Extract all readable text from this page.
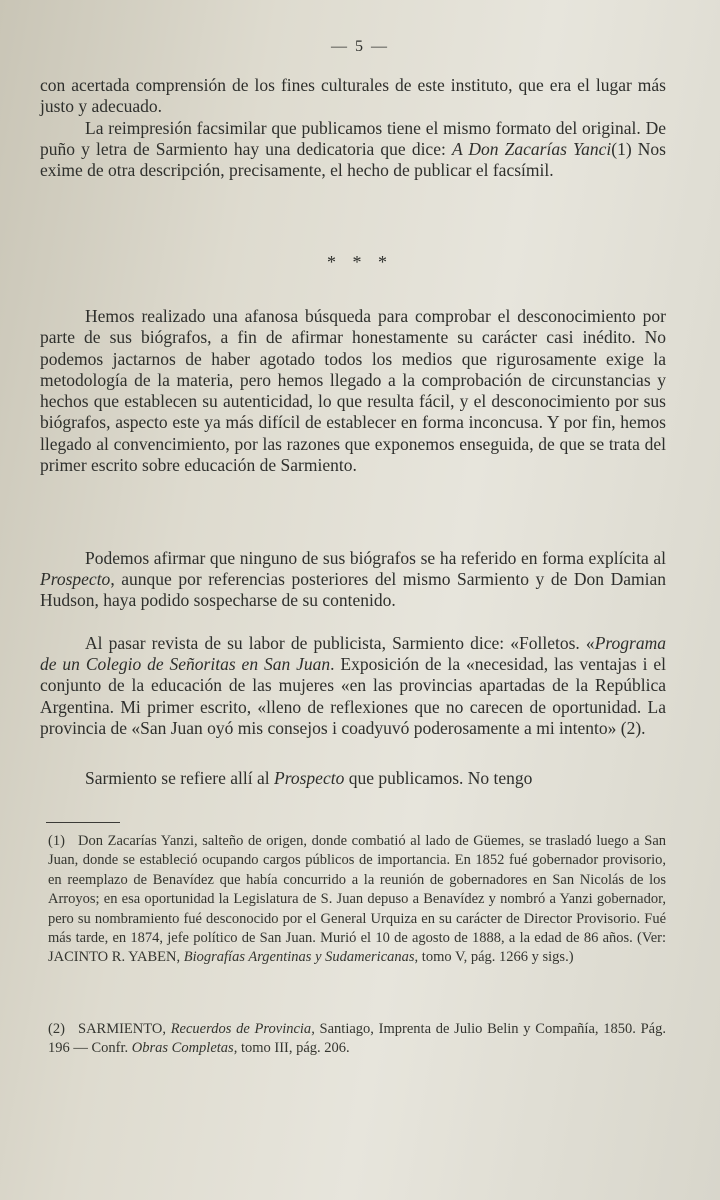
— 5 —

con acertada comprensión de los fines culturales de este instituto, que era el lugar más justo y adecuado.

La reimpresión facsimilar que publicamos tiene el mismo formato del original. De puño y letra de Sarmiento hay una dedicatoria que dice: A Don Zacarías Yanci(1) Nos exime de otra descripción, precisamente, el hecho de publicar el facsímil.

* * *

Hemos realizado una afanosa búsqueda para comprobar el desconocimiento por parte de sus biógrafos, a fin de afirmar honestamente su carácter casi inédito. No podemos jactarnos de haber agotado todos los medios que rigurosamente exige la metodología de la materia, pero hemos llegado a la comprobación de circunstancias y hechos que establecen su autenticidad, lo que resulta fácil, y el desconocimiento por sus biógrafos, aspecto este ya más difícil de establecer en forma inconcusa. Y por fin, hemos llegado al convencimiento, por las razones que exponemos enseguida, de que se trata del primer escrito sobre educación de Sarmiento.

Podemos afirmar que ninguno de sus biógrafos se ha referido en forma explícita al Prospecto, aunque por referencias posteriores del mismo Sarmiento y de Don Damian Hudson, haya podido sospecharse de su contenido.

Al pasar revista de su labor de publicista, Sarmiento dice: «Folletos. «Programa de un Colegio de Señoritas en San Juan. Exposición de la «necesidad, las ventajas i el conjunto de la educación de las mujeres «en las provincias apartadas de la República Argentina. Mi primer escrito, «lleno de reflexiones que no carecen de oportunidad. La provincia de «San Juan oyó mis consejos i coadyuvó poderosamente a mi intento» (2).

Sarmiento se refiere allí al Prospecto que publicamos. No tengo

(1) Don Zacarías Yanzi, salteño de origen, donde combatió al lado de Güemes, se trasladó luego a San Juan, donde se estableció ocupando cargos públicos de importancia. En 1852 fué gobernador provisorio, en reemplazo de Benavídez que había concurrido a la reunión de gobernadores en San Nicolás de los Arroyos; en esa oportunidad la Legislatura de S. Juan depuso a Benavídez y nombró a Yanzi gobernador, pero su nombramiento fué desconocido por el General Urquiza en su carácter de Director Provisorio. Fué más tarde, en 1874, jefe político de San Juan. Murió el 10 de agosto de 1888, a la edad de 86 años. (Ver: JACINTO R. YABEN, Biografías Argentinas y Sudamericanas, tomo V, pág. 1266 y sigs.)

(2) SARMIENTO, Recuerdos de Provincia, Santiago, Imprenta de Julio Belin y Compañía, 1850. Pág. 196 — Confr. Obras Completas, tomo III, pág. 206.
